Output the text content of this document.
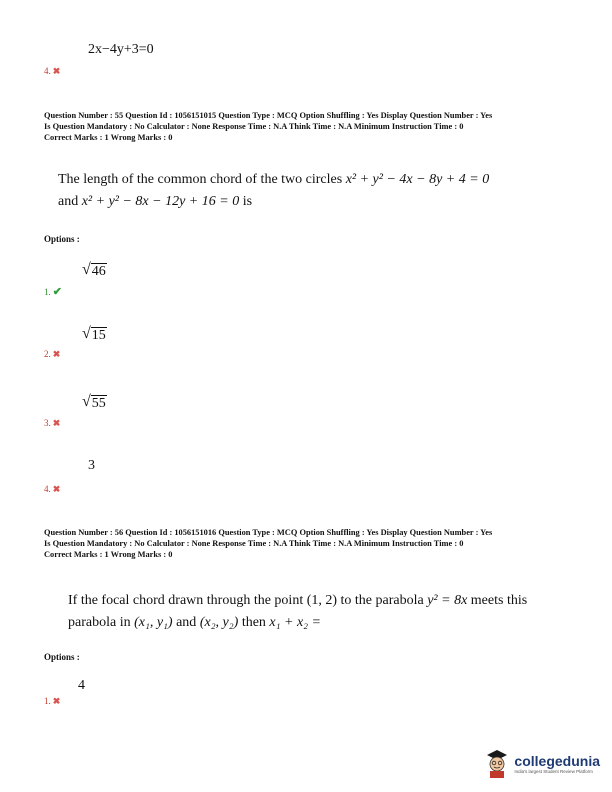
2x−4y+3=0
4. ✖
Question Number : 55 Question Id : 1056151015 Question Type : MCQ Option Shuffling : Yes Display Question Number : Yes
Is Question Mandatory : No Calculator : None Response Time : N.A Think Time : N.A Minimum Instruction Time : 0
Correct Marks : 1 Wrong Marks : 0
The length of the common chord of the two circles x² + y² − 4x − 8y + 4 = 0
and x² + y² − 8x − 12y + 16 = 0 is
Options :
√ 46
1. ✔
√ 15
2. ✖
√ 55
3. ✖
3
4. ✖
Question Number : 56 Question Id : 1056151016 Question Type : MCQ Option Shuffling : Yes Display Question Number : Yes
Is Question Mandatory : No Calculator : None Response Time : N.A Think Time : N.A Minimum Instruction Time : 0
Correct Marks : 1 Wrong Marks : 0
If the focal chord drawn through the point (1, 2) to the parabola y² = 8x meets this
parabola in (x₁, y₁) and (x₂, y₂) then x₁ + x₂ =
Options :
4
1. ✖
collegedunia
India's largest Student Review Platform
